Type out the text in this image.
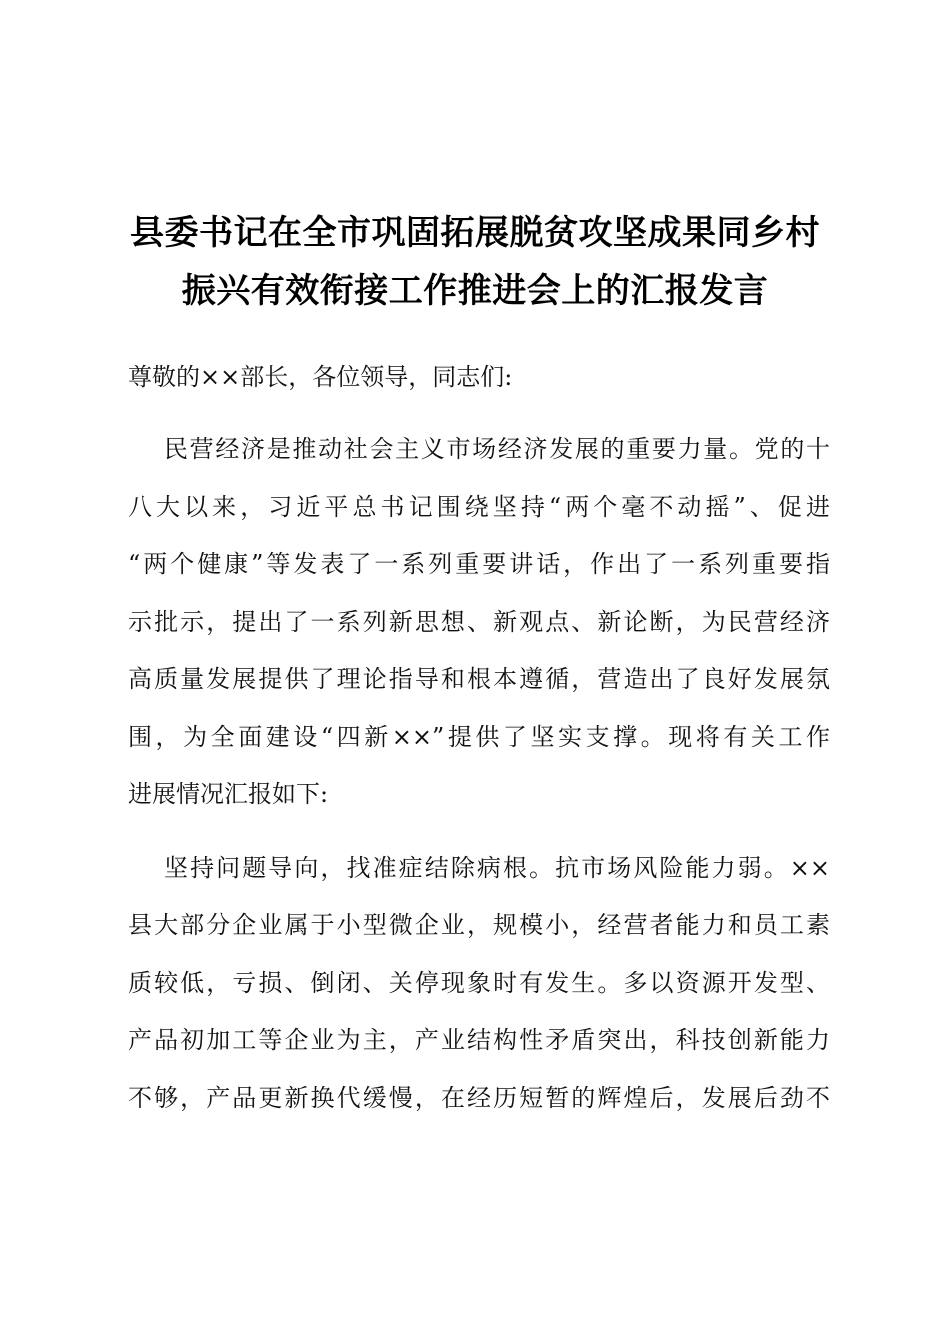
县委书记在全市巩固拓展脱贫攻坚成果同乡村
振兴有效衔接工作推进会上的汇报发言
尊敬的××部长，各位领导，同志们:
民营经济是推动社会主义市场经济发展的重要力量。党的十
八大以来，习近平总书记围绕坚持“两个毫不动摇”、促进
“两个健康”等发表了一系列重要讲话，作出了一系列重要指
示批示，提出了一系列新思想、新观点、新论断，为民营经济
高质量发展提供了理论指导和根本遵循，营造出了良好发展氛
围，为全面建设“四新××”提供了坚实支撑。现将有关工作
进展情况汇报如下:
坚持问题导向，找准症结除病根。抗市场风险能力弱。××
县大部分企业属于小型微企业，规模小，经营者能力和员工素
质较低，亏损、倒闭、关停现象时有发生。多以资源开发型、
产品初加工等企业为主，产业结构性矛盾突出，科技创新能力
不够，产品更新换代缓慢，在经历短暂的辉煌后，发展后劲不
